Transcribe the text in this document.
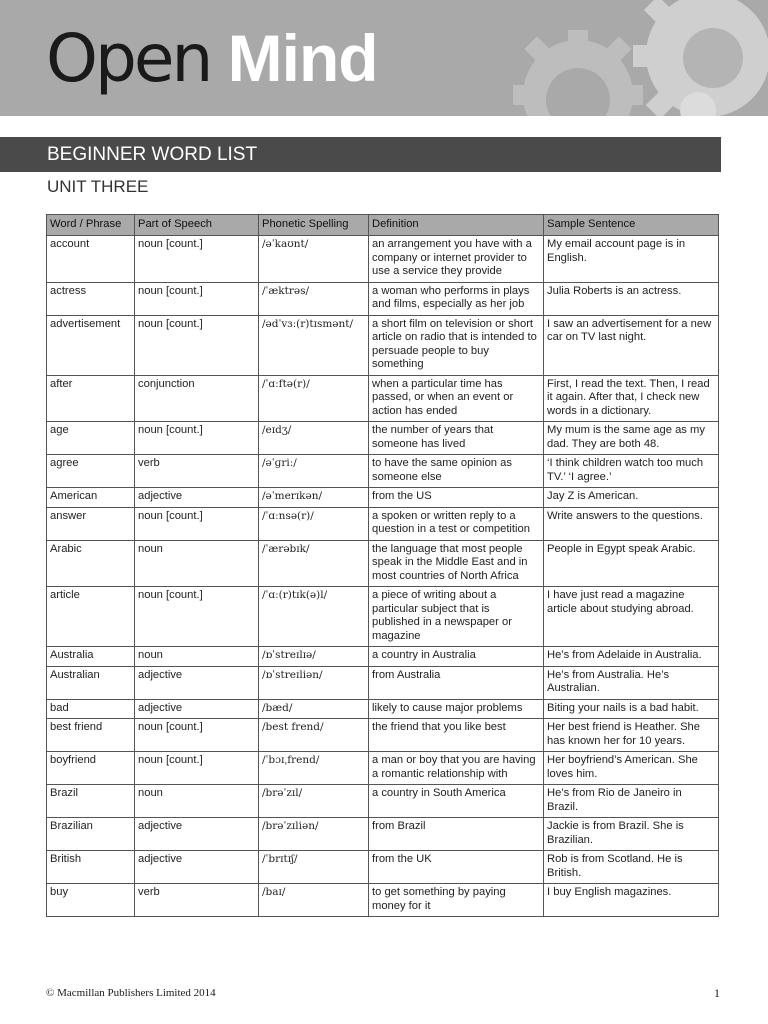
Open Mind
BEGINNER WORD LIST
UNIT THREE
Word / Phrase	Part of Speech	Phonetic Spelling	Definition	Sample Sentence
account	noun [count.]	/əˈkaʊnt/	an arrangement you have with a company or internet provider to use a service they provide	My email account page is in English.
actress	noun [count.]	/ˈæktrəs/	a woman who performs in plays and films, especially as her job	Julia Roberts is an actress.
advertisement	noun [count.]	/ədˈvɜː(r)tɪsmənt/	a short film on television or short article on radio that is intended to persuade people to buy something	I saw an advertisement for a new car on TV last night.
after	conjunction	/ˈɑːftə(r)/	when a particular time has passed, or when an event or action has ended	First, I read the text. Then, I read it again. After that, I check new words in a dictionary.
age	noun [count.]	/eɪdʒ/	the number of years that someone has lived	My mum is the same age as my dad. They are both 48.
agree	verb	/əˈɡriː/	to have the same opinion as someone else	‘I think children watch too much TV.’ ‘I agree.’
American	adjective	/əˈmerɪkən/	from the US	Jay Z is American.
answer	noun [count.]	/ˈɑːnsə(r)/	a spoken or written reply to a question in a test or competition	Write answers to the questions.
Arabic	noun	/ˈærəbɪk/	the language that most people speak in the Middle East and in most countries of North Africa	People in Egypt speak Arabic.
article	noun [count.]	/ˈɑː(r)tɪk(ə)l/	a piece of writing about a particular subject that is published in a newspaper or magazine	I have just read a magazine article about studying abroad.
Australia	noun	/ɒˈstreɪlɪə/	a country in Australia	He’s from Adelaide in Australia.
Australian	adjective	/ɒˈstreɪliən/	from Australia	He’s from Australia. He’s Australian.
bad	adjective	/bæd/	likely to cause major problems	Biting your nails is a bad habit.
best friend	noun [count.]	/best frend/	the friend that you like best	Her best friend is Heather. She has known her for 10 years.
boyfriend	noun [count.]	/ˈbɔɪˌfrend/	a man or boy that you are having a romantic relationship with	Her boyfriend’s American. She loves him.
Brazil	noun	/brəˈzɪl/	a country in South America	He’s from Rio de Janeiro in Brazil.
Brazilian	adjective	/brəˈzɪliən/	from Brazil	Jackie is from Brazil. She is Brazilian.
British	adjective	/ˈbrɪtɪʃ/	from the UK	Rob is from Scotland. He is British.
buy	verb	/baɪ/	to get something by paying money for it	I buy English magazines.
© Macmillan Publishers Limited 2014	1
